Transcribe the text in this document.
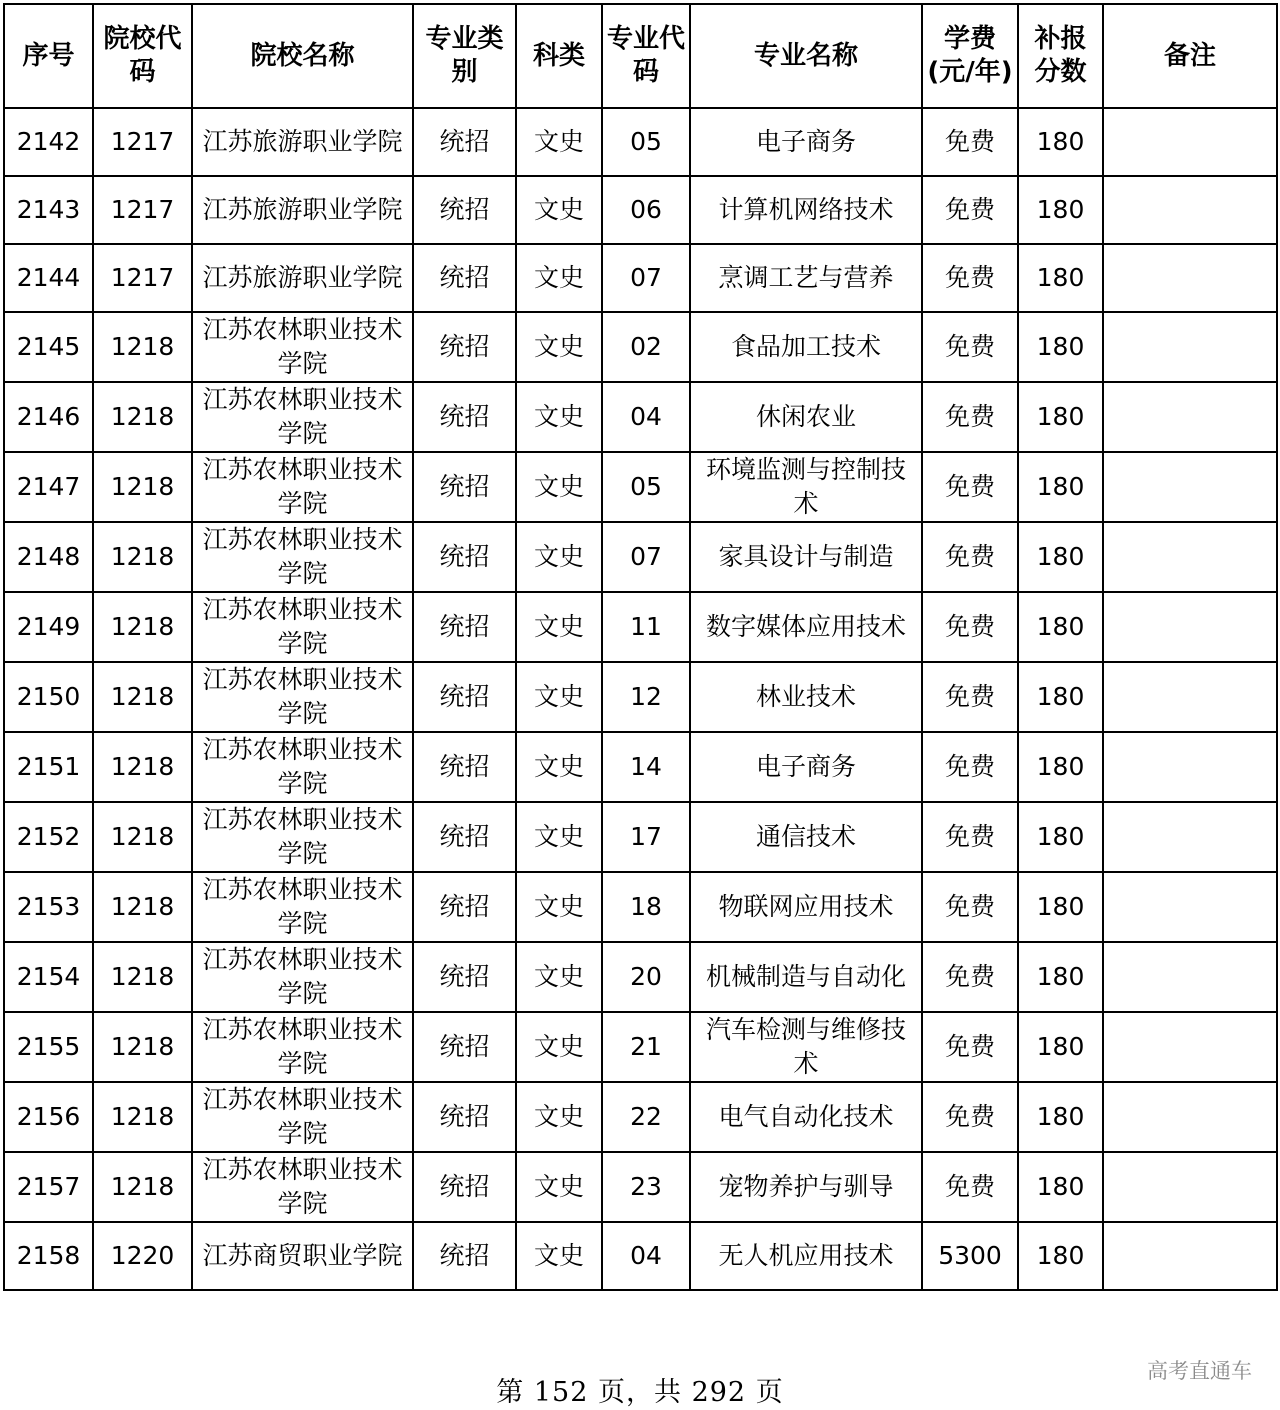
序号	院校代码	院校名称	专业类别	科类	专业代码	专业名称	学费(元/年)	补报分数	备注
2142	1217	江苏旅游职业学院	统招	文史	05	电子商务	免费	180	
2143	1217	江苏旅游职业学院	统招	文史	06	计算机网络技术	免费	180	
2144	1217	江苏旅游职业学院	统招	文史	07	烹调工艺与营养	免费	180	
2145	1218	江苏农林职业技术学院	统招	文史	02	食品加工技术	免费	180	
2146	1218	江苏农林职业技术学院	统招	文史	04	休闲农业	免费	180	
2147	1218	江苏农林职业技术学院	统招	文史	05	环境监测与控制技术	免费	180	
2148	1218	江苏农林职业技术学院	统招	文史	07	家具设计与制造	免费	180	
2149	1218	江苏农林职业技术学院	统招	文史	11	数字媒体应用技术	免费	180	
2150	1218	江苏农林职业技术学院	统招	文史	12	林业技术	免费	180	
2151	1218	江苏农林职业技术学院	统招	文史	14	电子商务	免费	180	
2152	1218	江苏农林职业技术学院	统招	文史	17	通信技术	免费	180	
2153	1218	江苏农林职业技术学院	统招	文史	18	物联网应用技术	免费	180	
2154	1218	江苏农林职业技术学院	统招	文史	20	机械制造与自动化	免费	180	
2155	1218	江苏农林职业技术学院	统招	文史	21	汽车检测与维修技术	免费	180	
2156	1218	江苏农林职业技术学院	统招	文史	22	电气自动化技术	免费	180	
2157	1218	江苏农林职业技术学院	统招	文史	23	宠物养护与驯导	免费	180	
2158	1220	江苏商贸职业学院	统招	文史	04	无人机应用技术	5300	180	
第 152 页，共 292 页
高考直通车
